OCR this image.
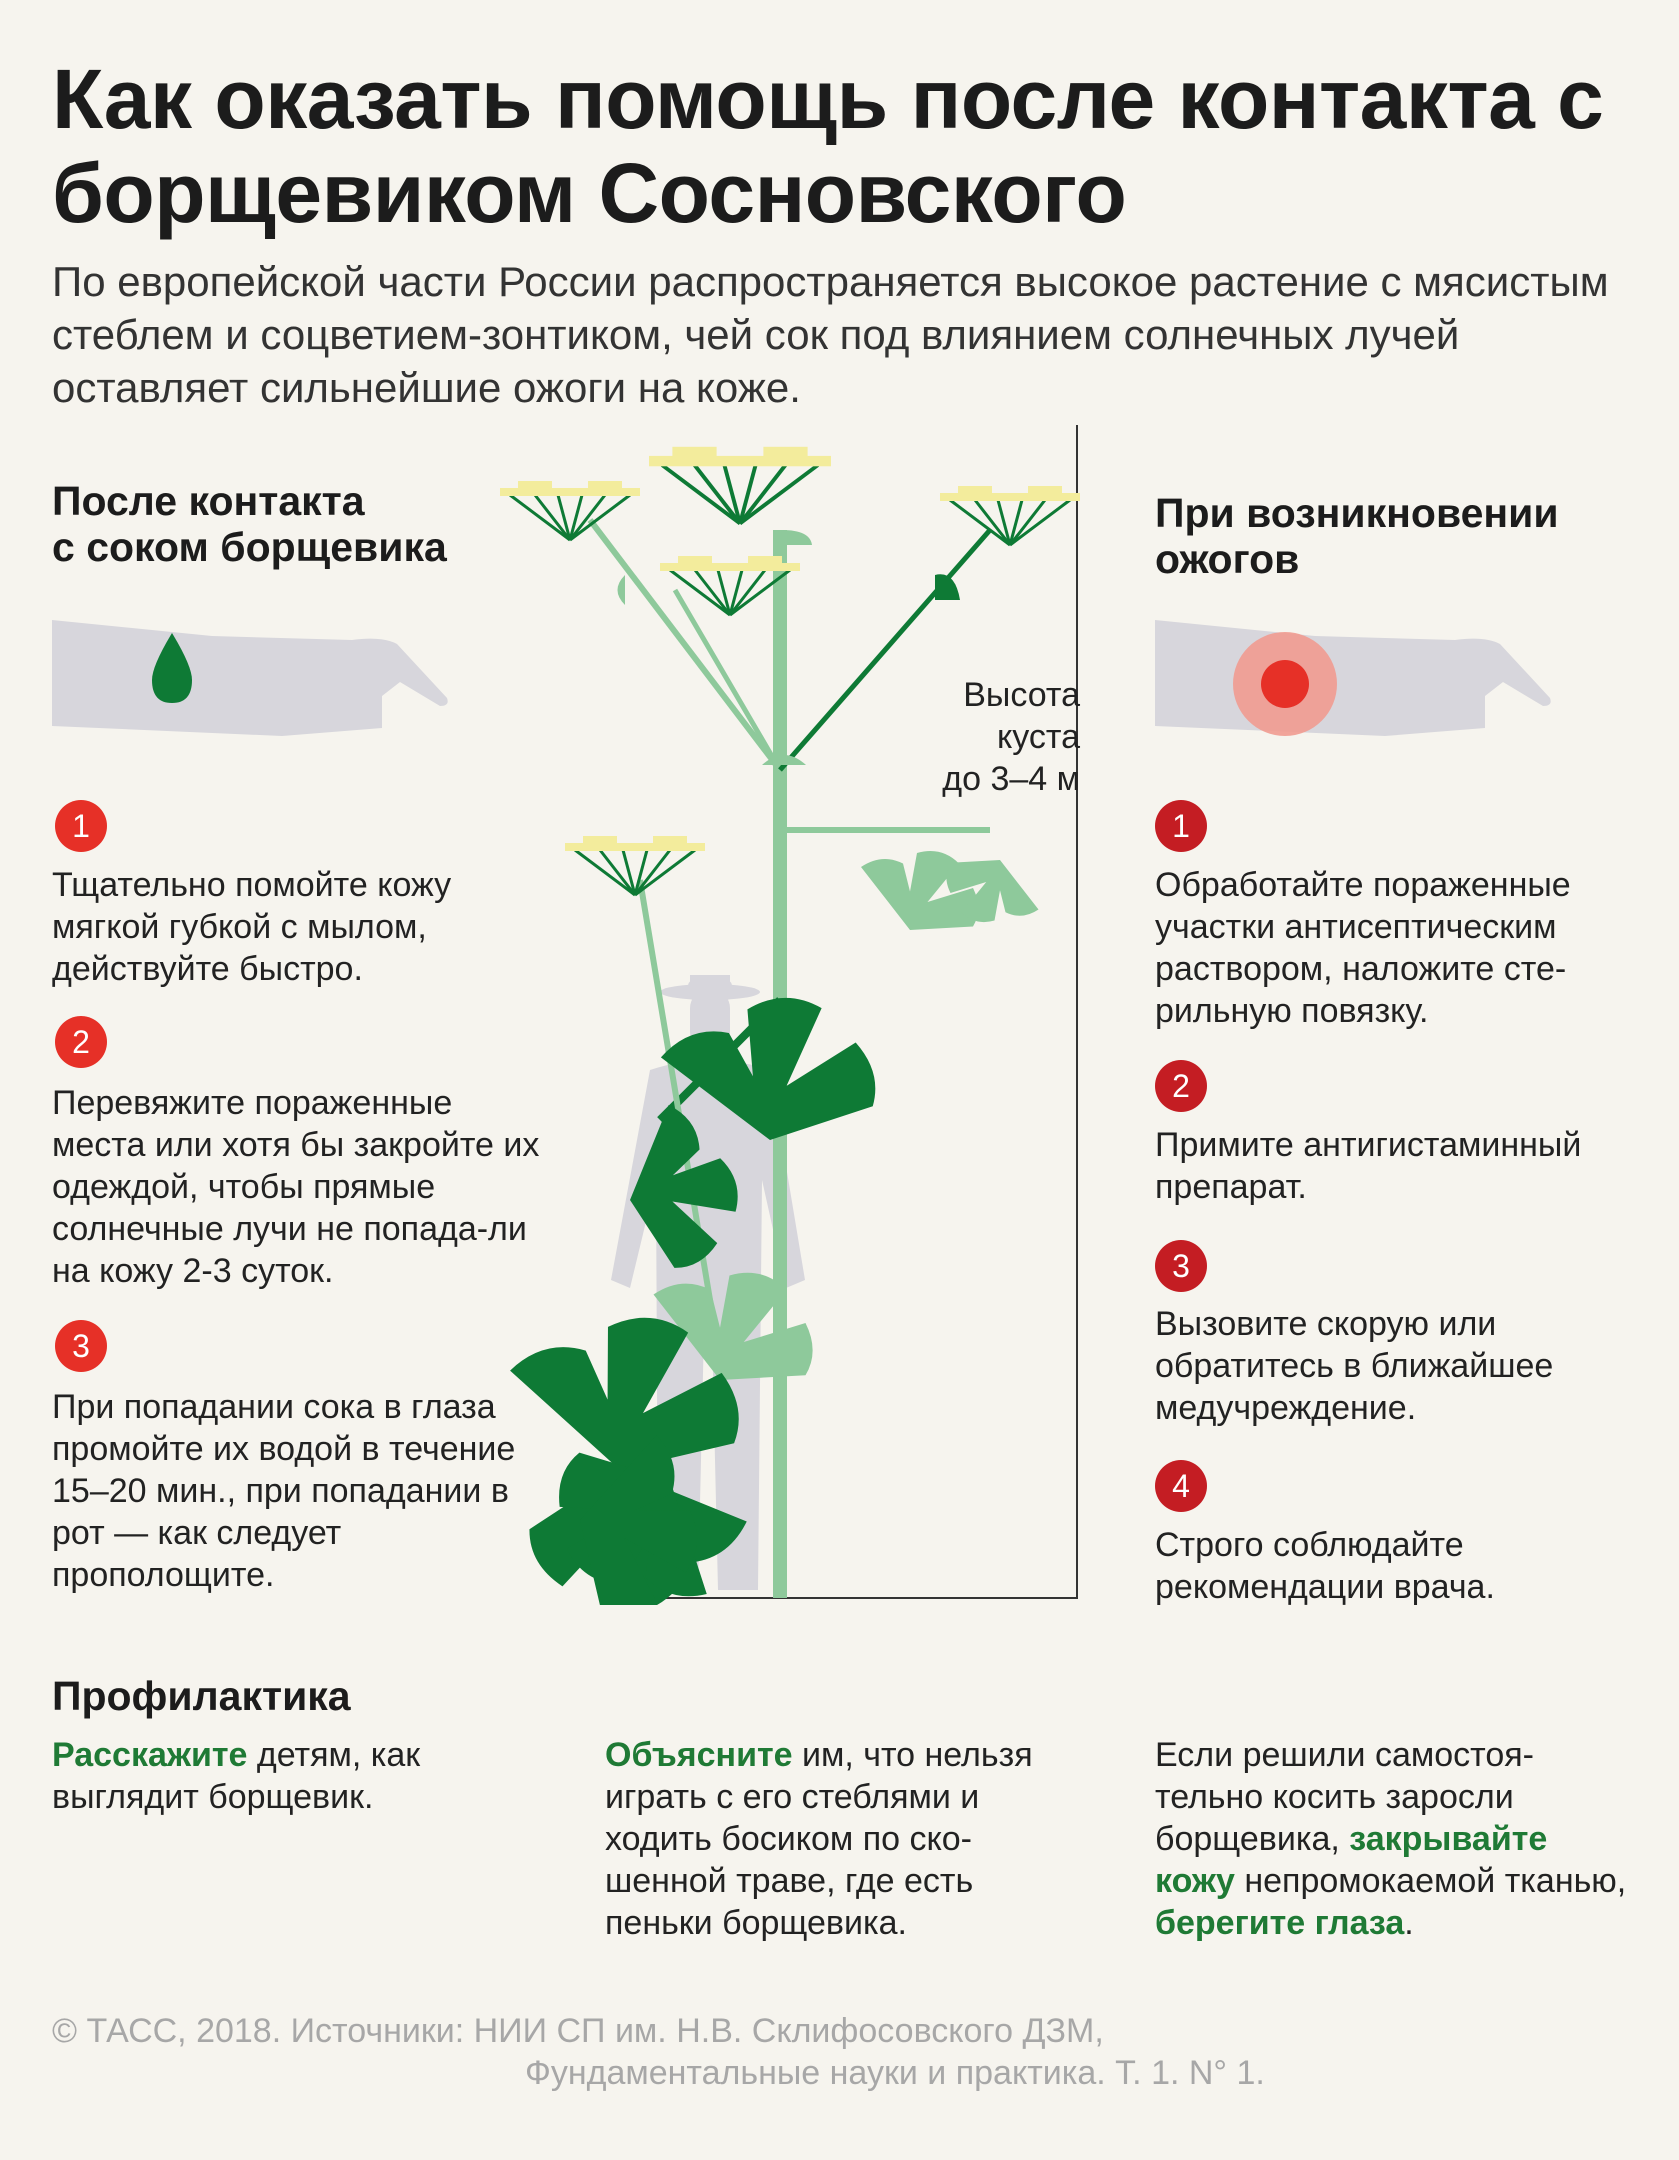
Как оказать помощь после контакта с борщевиком Сосновского
По европейской части России распространяется высокое растение с мясистым стеблем и соцветием-зонтиком, чей сок под влиянием солнечных лучей оставляет сильнейшие ожоги на коже.
После контакта
с соком борщевика
1
Тщательно помойте кожу мягкой губкой с мылом, действуйте быстро.
2
Перевяжите пораженные места или хотя бы закройте их одеждой, чтобы прямые солнечные лучи не попада-ли на кожу 2-3 суток.
3
При попадании сока в глаза промойте их водой в течение 15–20 мин., при попадании в рот — как следует прополощите.
При возникновении
ожогов
1
Обработайте пораженные участки антисептическим раствором, наложите сте-рильную повязку.
2
Примите антигистаминный препарат.
3
Вызовите скорую или обратитесь в ближайшее медучреждение.
4
Строго соблюдайте рекомендации врача.
Высота
куста
до 3–4 м
Профилактика
Расскажите детям, как выглядит борщевик.
Объясните им, что нельзя играть с его стеблями и ходить босиком по ско-шенной траве, где есть пеньки борщевика.
Если решили самостоя-тельно косить заросли борщевика, закрывайте кожу непромокаемой тканью, берегите глаза.
© ТАСС, 2018. Источники: НИИ СП им. Н.В. Склифосовского ДЗМ,
Фундаментальные науки и практика. Т. 1. N° 1.
